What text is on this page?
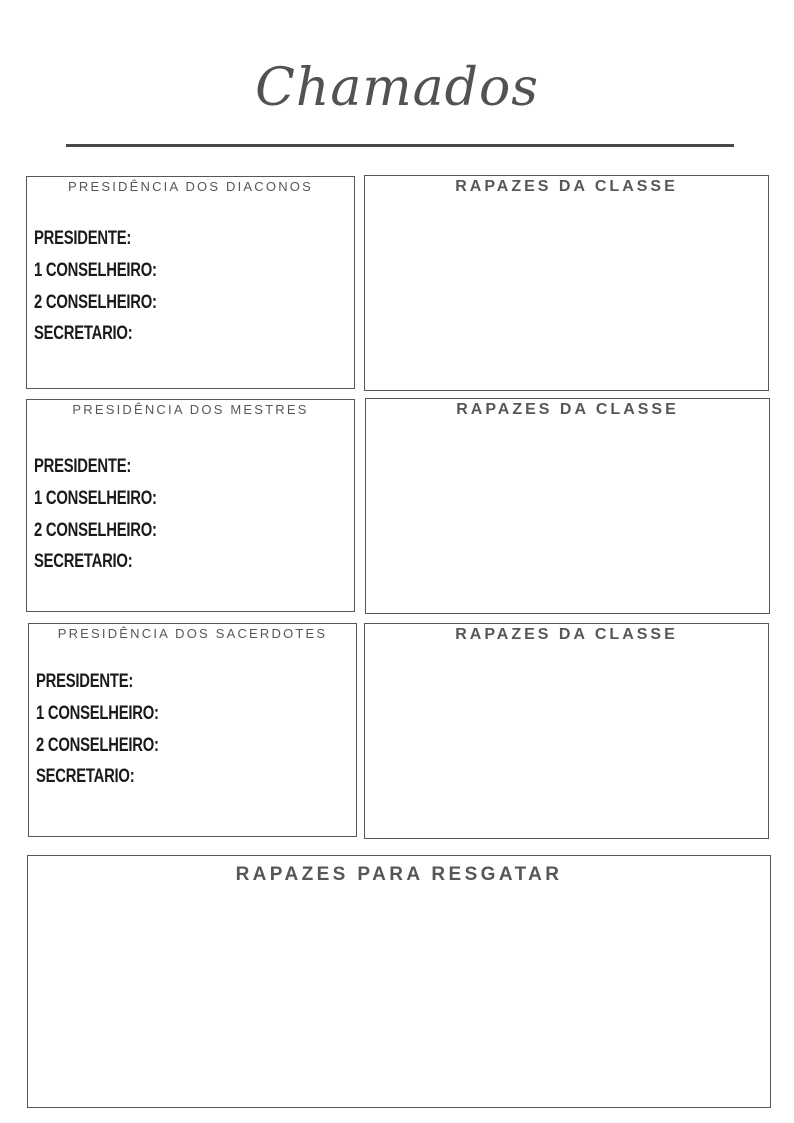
Chamados
PRESIDÊNCIA DOS DIACONOS
PRESIDENTE:
1 CONSELHEIRO:
2 CONSELHEIRO:
SECRETARIO:
RAPAZES DA CLASSE
PRESIDÊNCIA DOS MESTRES
PRESIDENTE:
1 CONSELHEIRO:
2 CONSELHEIRO:
SECRETARIO:
RAPAZES DA CLASSE
PRESIDÊNCIA DOS SACERDOTES
PRESIDENTE:
1 CONSELHEIRO:
2 CONSELHEIRO:
SECRETARIO:
RAPAZES DA CLASSE
RAPAZES PARA RESGATAR
